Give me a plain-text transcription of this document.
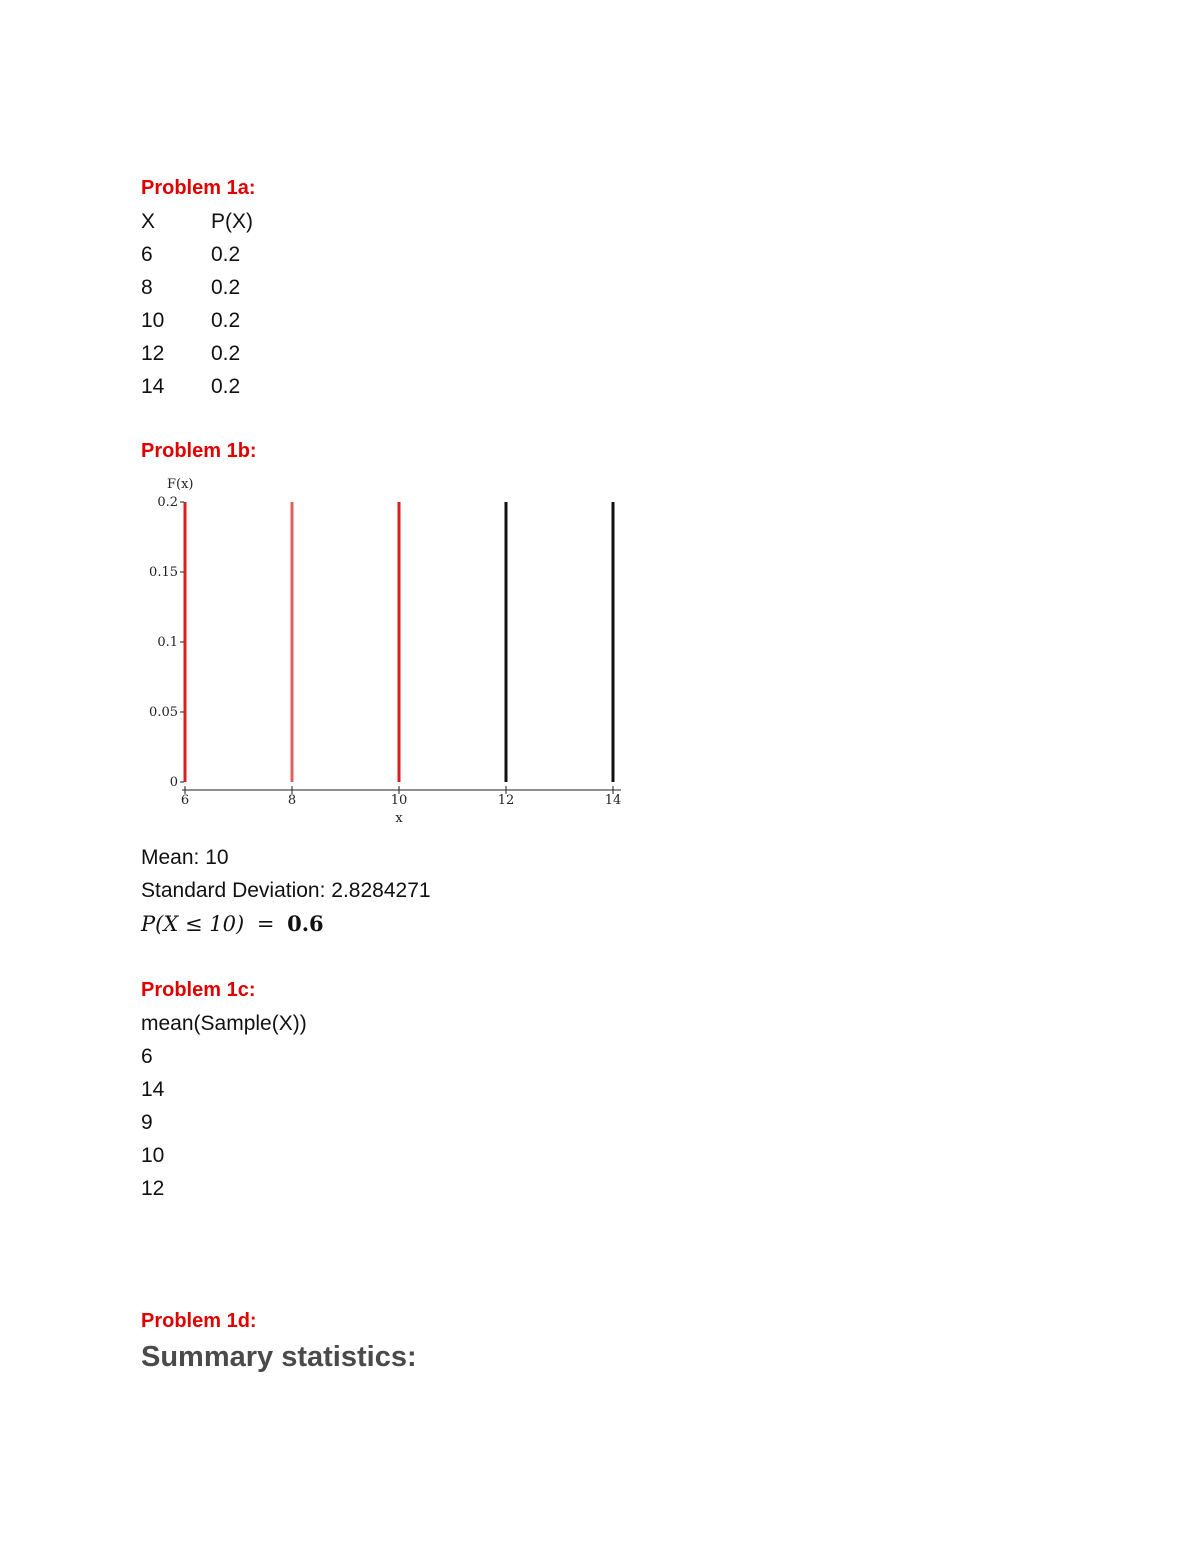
Problem 1a:
X	P(X)
6	0.2
8	0.2
10 0.2
12 0.2
14 0.2
Problem 1b:
F(x)
x
0
0.05
0.1
0.15
0.2
6	8	10	12	14
Mean: 10
Standard Deviation: 2.8284271
P(X ≤ 10) = 0.6
Problem 1c:
mean(Sample(X))
6
14
9
10
12
Problem 1d:
Summary statistics:
